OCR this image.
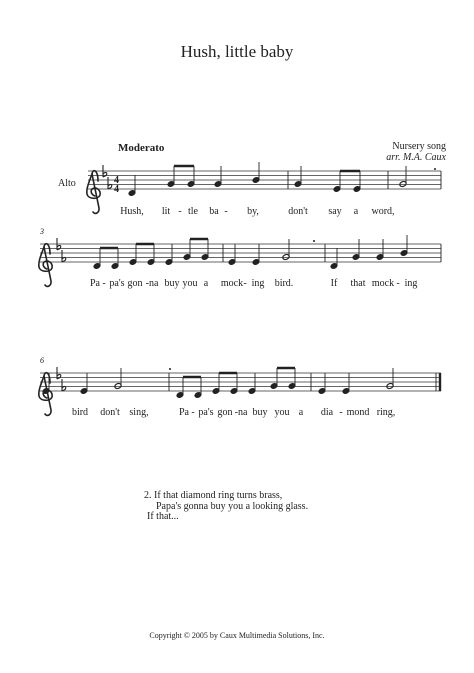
Hush, little baby
Moderato	Nursery song
arr. M.A. Caux
Alto
3
6
4
4
Hush, lit - tle ba - by,	don't say a word,
Pa - pa's gon -na buy you a mock - ing bird.	If that mock - ing
bird don't sing,	Pa - pa's gon -na buy you a dia - mond ring,
2. If that diamond ring turns brass,
Papa's gonna buy you a looking glass.
If that...
Copyright © 2005 by Caux Multimedia Solutions, Inc.
